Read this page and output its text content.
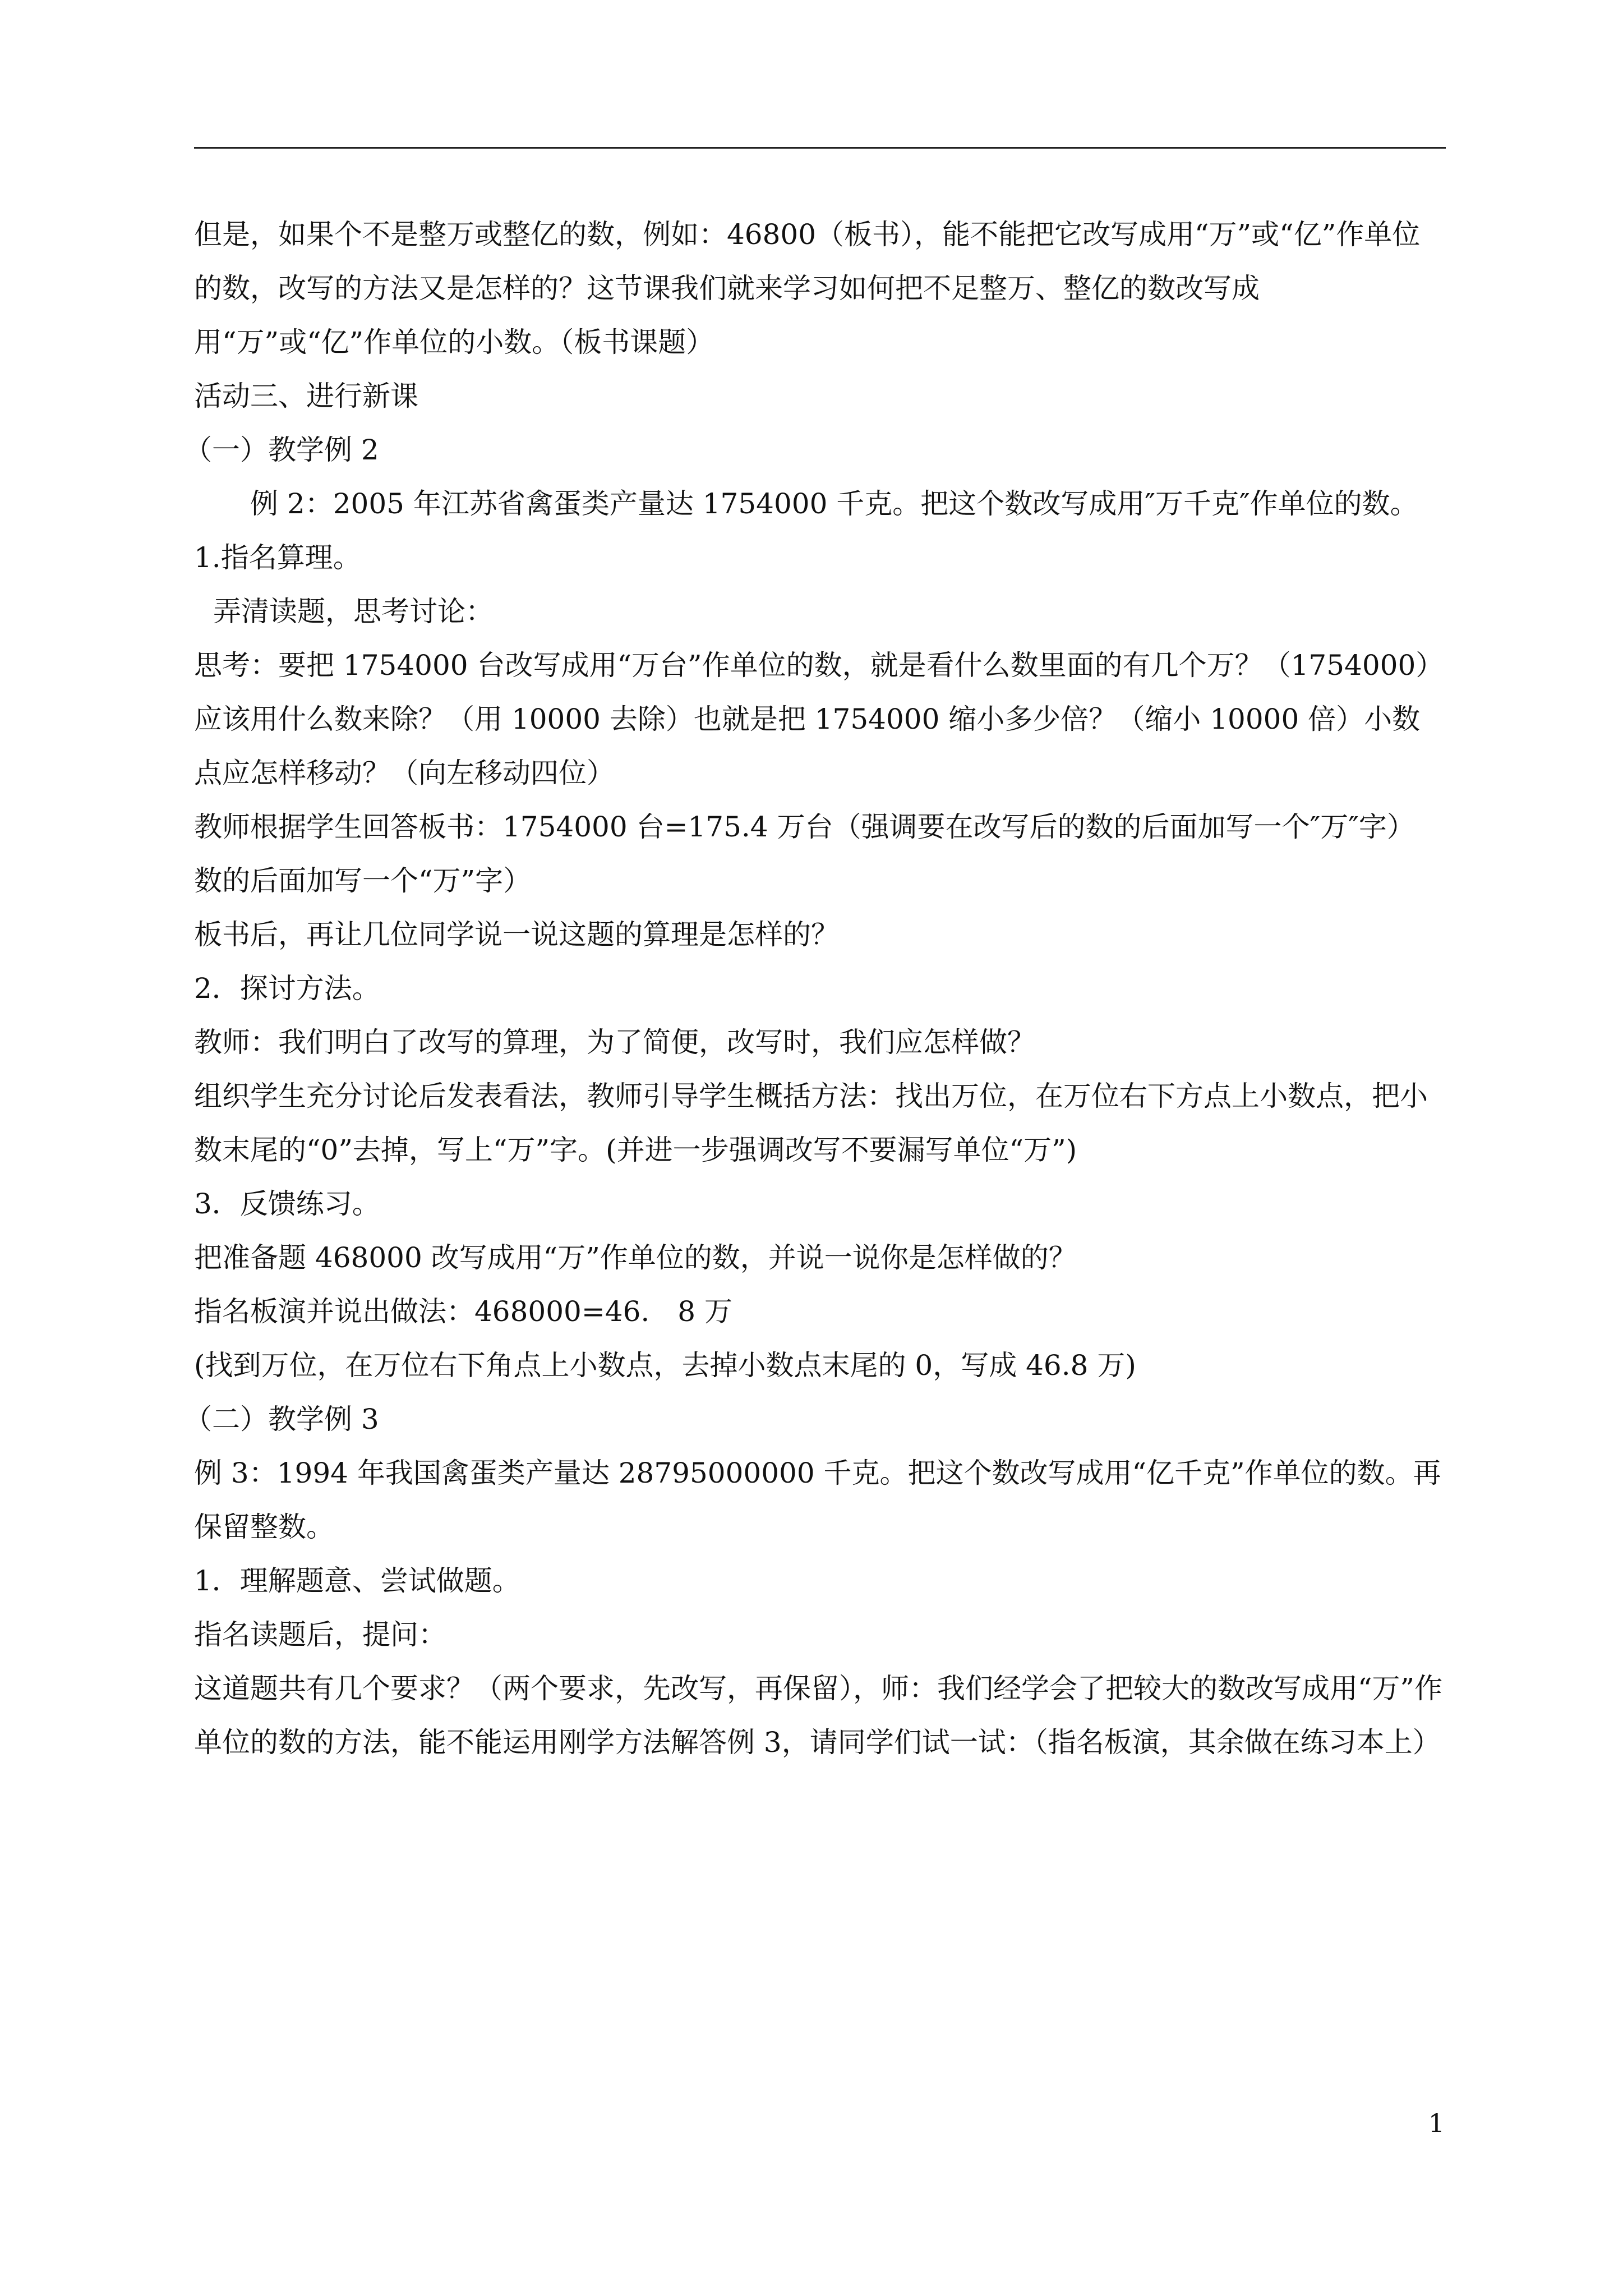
但是，如果个不是整万或整亿的数，例如：46800（板书），能不能把它改写成用“万”或“亿”作单位的数，改写的方法又是怎样的？这节课我们就来学习如何把不足整万、整亿的数改写成用“万”或“亿”作单位的小数。（板书课题）

活动三、进行新课

（一）教学例 2

例 2：2005 年江苏省禽蛋类产量达 1754000 千克。把这个数改写成用″万千克″作单位的数。

1.指名算理。

弄清读题，思考讨论：

思考：要把 1754000 台改写成用“万台”作单位的数，就是看什么数里面的有几个万？（1754000）应该用什么数来除？（用 10000 去除）也就是把 1754000 缩小多少倍？（缩小 10000 倍）小数点应怎样移动？（向左移动四位）

教师根据学生回答板书：1754000 台=175.4 万台（强调要在改写后的数的后面加写一个″万″字）

数的后面加写一个“万”字）

板书后，再让几位同学说一说这题的算理是怎样的？

2．探讨方法。

教师：我们明白了改写的算理，为了简便，改写时，我们应怎样做？

组织学生充分讨论后发表看法，教师引导学生概括方法：找出万位，在万位右下方点上小数点，把小数末尾的“0”去掉，写上“万”字。(并进一步强调改写不要漏写单位“万”)

3．反馈练习。

把准备题 468000 改写成用“万”作单位的数，并说一说你是怎样做的？

指名板演并说出做法：468000=46.　8 万

(找到万位，在万位右下角点上小数点，去掉小数点末尾的 0，写成 46.8 万)

（二）教学例 3

例 3：1994 年我国禽蛋类产量达 28795000000 千克。把这个数改写成用“亿千克”作单位的数。再保留整数。

1．理解题意、尝试做题。

指名读题后，提问：

这道题共有几个要求？（两个要求，先改写，再保留），师：我们经学会了把较大的数改写成用“万”作单位的数的方法，能不能运用刚学方法解答例 3，请同学们试一试：（指名板演，其余做在练习本上）

1
